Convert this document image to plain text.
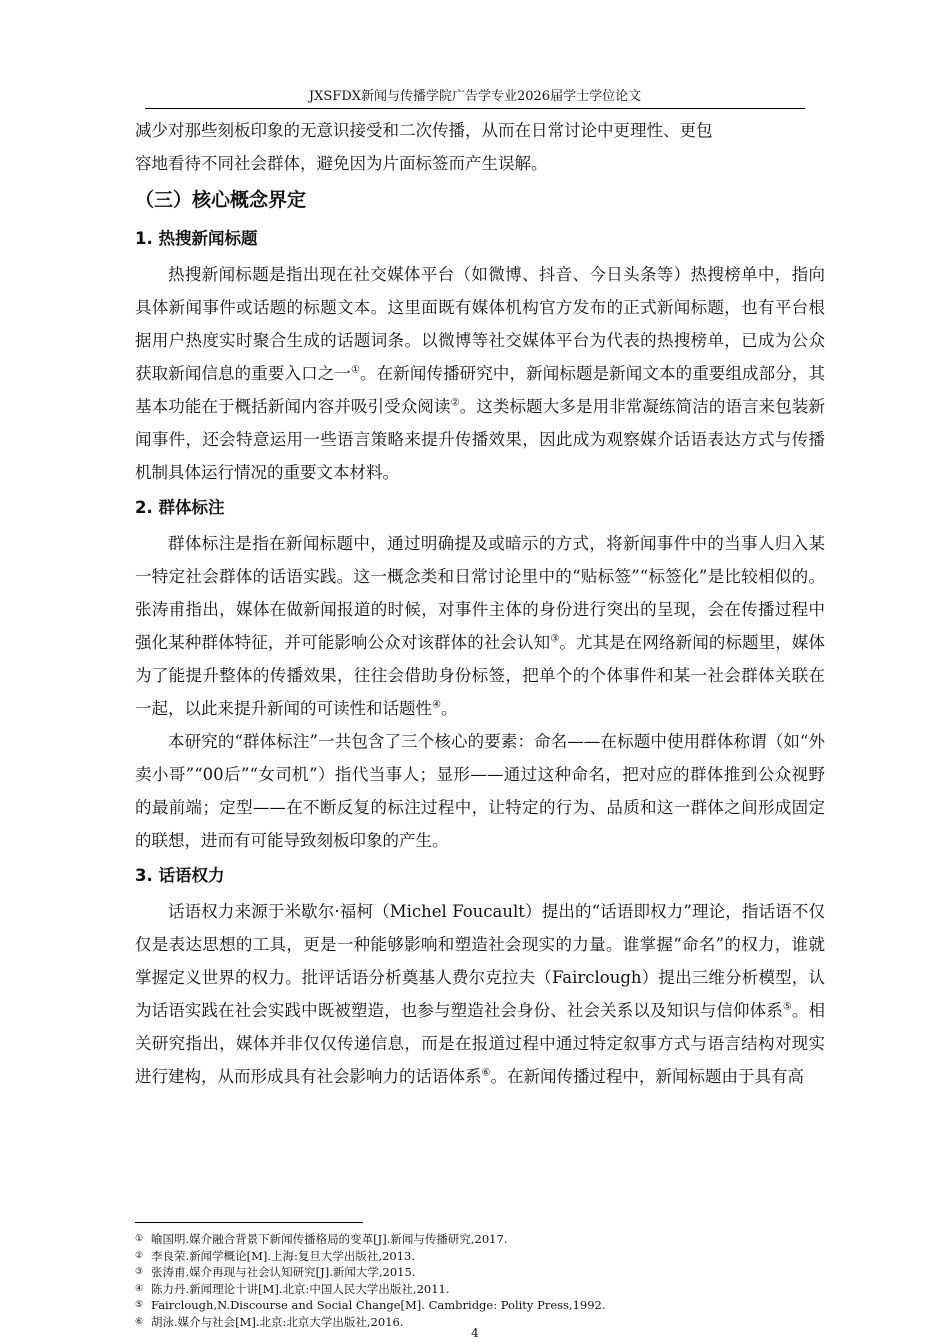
JXSFDX新闻与传播学院广告学专业2026届学士学位论文

减少对那些刻板印象的无意识接受和二次传播，从而在日常讨论中更理性、更包

容地看待不同社会群体，避免因为片面标签而产生误解。

（三）核心概念界定
1. 热搜新闻标题

热搜新闻标题是指出现在社交媒体平台（如微博、抖音、今日头条等）热搜榜单中，指向具体新闻事件或话题的标题文本。这里面既有媒体机构官方发布的正式新闻标题，也有平台根据用户热度实时聚合生成的话题词条。以微博等社交媒体平台为代表的热搜榜单，已成为公众获取新闻信息的重要入口之一①。在新闻传播研究中，新闻标题是新闻文本的重要组成部分，其基本功能在于概括新闻内容并吸引受众阅读②。这类标题大多是用非常凝练简洁的语言来包装新闻事件，还会特意运用一些语言策略来提升传播效果，因此成为观察媒介话语表达方式与传播机制具体运行情况的重要文本材料。

2. 群体标注

群体标注是指在新闻标题中，通过明确提及或暗示的方式，将新闻事件中的当事人归入某一特定社会群体的话语实践。这一概念类和日常讨论里中的“贴标签”“标签化”是比较相似的。张涛甫指出，媒体在做新闻报道的时候，对事件主体的身份进行突出的呈现，会在传播过程中强化某种群体特征，并可能影响公众对该群体的社会认知③。尤其是在网络新闻的标题里，媒体为了能提升整体的传播效果，往往会借助身份标签，把单个的个体事件和某一社会群体关联在一起，以此来提升新闻的可读性和话题性④。

本研究的“群体标注”一共包含了三个核心的要素：命名——在标题中使用群体称谓（如“外卖小哥”“00后”“女司机”）指代当事人；显形——通过这种命名，把对应的群体推到公众视野的最前端；定型——在不断反复的标注过程中，让特定的行为、品质和这一群体之间形成固定的联想，进而有可能导致刻板印象的产生。

3. 话语权力

话语权力来源于米歇尔·福柯（Michel Foucault）提出的“话语即权力”理论，指话语不仅仅是表达思想的工具，更是一种能够影响和塑造社会现实的力量。谁掌握“命名”的权力，谁就掌握定义世界的权力。批评话语分析奠基人费尔克拉夫（Fairclough）提出三维分析模型，认为话语实践在社会实践中既被塑造，也参与塑造社会身份、社会关系以及知识与信仰体系⑤。相关研究指出，媒体并非仅仅传递信息，而是在报道过程中通过特定叙事方式与语言结构对现实进行建构，从而形成具有社会影响力的话语体系⑥。在新闻传播过程中，新闻标题由于具有高

① 喻国明.媒介融合背景下新闻传播格局的变革[J].新闻与传播研究,2017.
② 李良荣.新闻学概论[M].上海:复旦大学出版社,2013.
③ 张涛甫.媒介再现与社会认知研究[J].新闻大学,2015.
④ 陈力丹.新闻理论十讲[M].北京:中国人民大学出版社,2011.
⑤ Fairclough,N.Discourse and Social Change[M]. Cambridge: Polity Press,1992.
⑥ 胡泳.媒介与社会[M].北京:北京大学出版社,2016.
4
